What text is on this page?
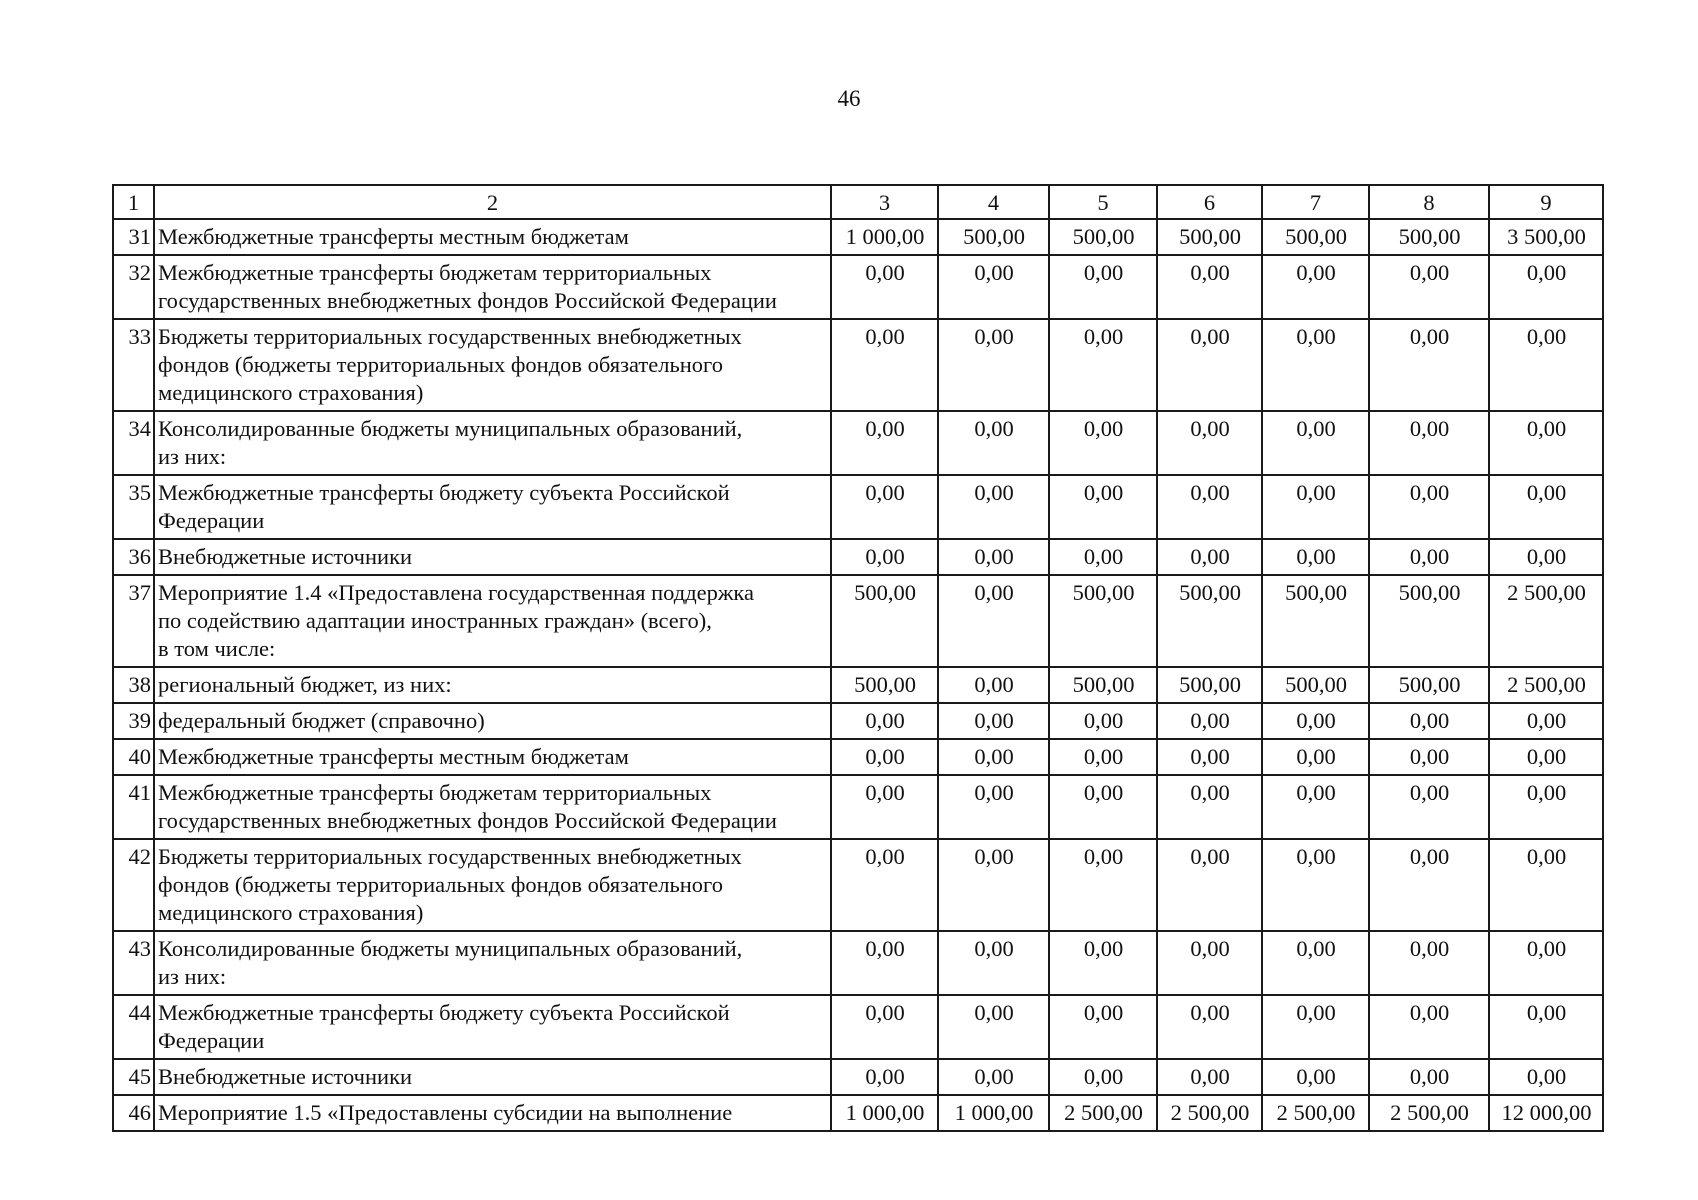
46
1	2	3	4	5	6	7	8	9
31	Межбюджетные трансферты местным бюджетам	1 000,00	500,00	500,00	500,00	500,00	500,00	3 500,00
32	Межбюджетные трансферты бюджетам территориальных
государственных внебюджетных фондов Российской Федерации	0,00	0,00	0,00	0,00	0,00	0,00	0,00
33	Бюджеты территориальных государственных внебюджетных
фондов (бюджеты территориальных фондов обязательного
медицинского страхования)	0,00	0,00	0,00	0,00	0,00	0,00	0,00
34	Консолидированные бюджеты муниципальных образований,
из них:	0,00	0,00	0,00	0,00	0,00	0,00	0,00
35	Межбюджетные трансферты бюджету субъекта Российской
Федерации	0,00	0,00	0,00	0,00	0,00	0,00	0,00
36	Внебюджетные источники	0,00	0,00	0,00	0,00	0,00	0,00	0,00
37	Мероприятие 1.4 «Предоставлена государственная поддержка
по содействию адаптации иностранных граждан» (всего),
в том числе:	500,00	0,00	500,00	500,00	500,00	500,00	2 500,00
38	региональный бюджет, из них:	500,00	0,00	500,00	500,00	500,00	500,00	2 500,00
39	федеральный бюджет (справочно)	0,00	0,00	0,00	0,00	0,00	0,00	0,00
40	Межбюджетные трансферты местным бюджетам	0,00	0,00	0,00	0,00	0,00	0,00	0,00
41	Межбюджетные трансферты бюджетам территориальных
государственных внебюджетных фондов Российской Федерации	0,00	0,00	0,00	0,00	0,00	0,00	0,00
42	Бюджеты территориальных государственных внебюджетных
фондов (бюджеты территориальных фондов обязательного
медицинского страхования)	0,00	0,00	0,00	0,00	0,00	0,00	0,00
43	Консолидированные бюджеты муниципальных образований,
из них:	0,00	0,00	0,00	0,00	0,00	0,00	0,00
44	Межбюджетные трансферты бюджету субъекта Российской
Федерации	0,00	0,00	0,00	0,00	0,00	0,00	0,00
45	Внебюджетные источники	0,00	0,00	0,00	0,00	0,00	0,00	0,00
46	Мероприятие 1.5 «Предоставлены субсидии на выполнение	1 000,00	1 000,00	2 500,00	2 500,00	2 500,00	2 500,00	12 000,00
